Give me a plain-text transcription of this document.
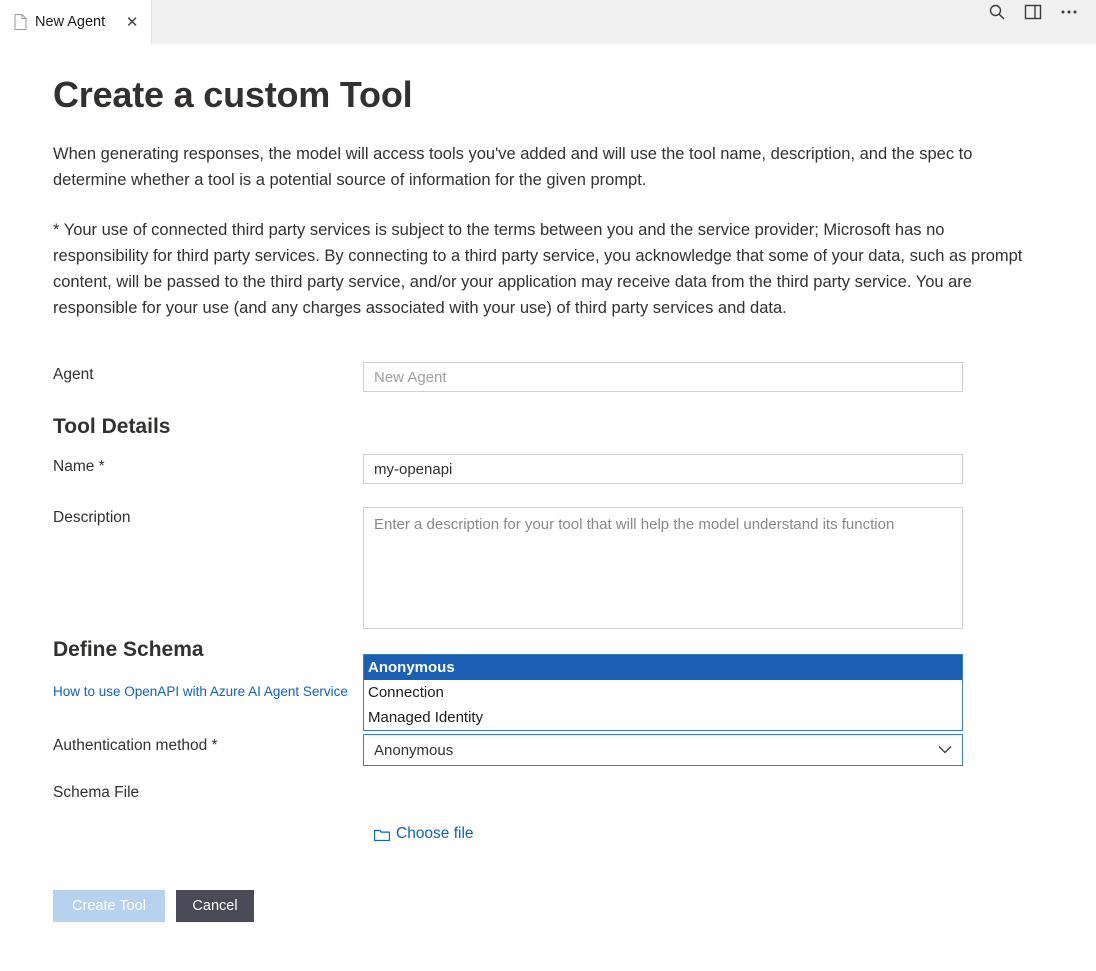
New Agent ✕
Create a custom Tool
When generating responses, the model will access tools you've added and will use the tool name, description, and the spec to determine whether a tool is a potential source of information for the given prompt.
* Your use of connected third party services is subject to the terms between you and the service provider; Microsoft has no responsibility for third party services. By connecting to a third party service, you acknowledge that some of your data, such as prompt content, will be passed to the third party service, and/or your application may receive data from the third party service. You are responsible for your use (and any charges associated with your use) of third party services and data.
Agent
New Agent
Tool Details
Name *
my-openapi
Description
Enter a description for your tool that will help the model understand its function
Define Schema
How to use OpenAPI with Azure AI Agent Service
Authentication method *
Anonymous
Connection
Managed Identity
Anonymous
Schema File
Choose file
Create Tool	Cancel
